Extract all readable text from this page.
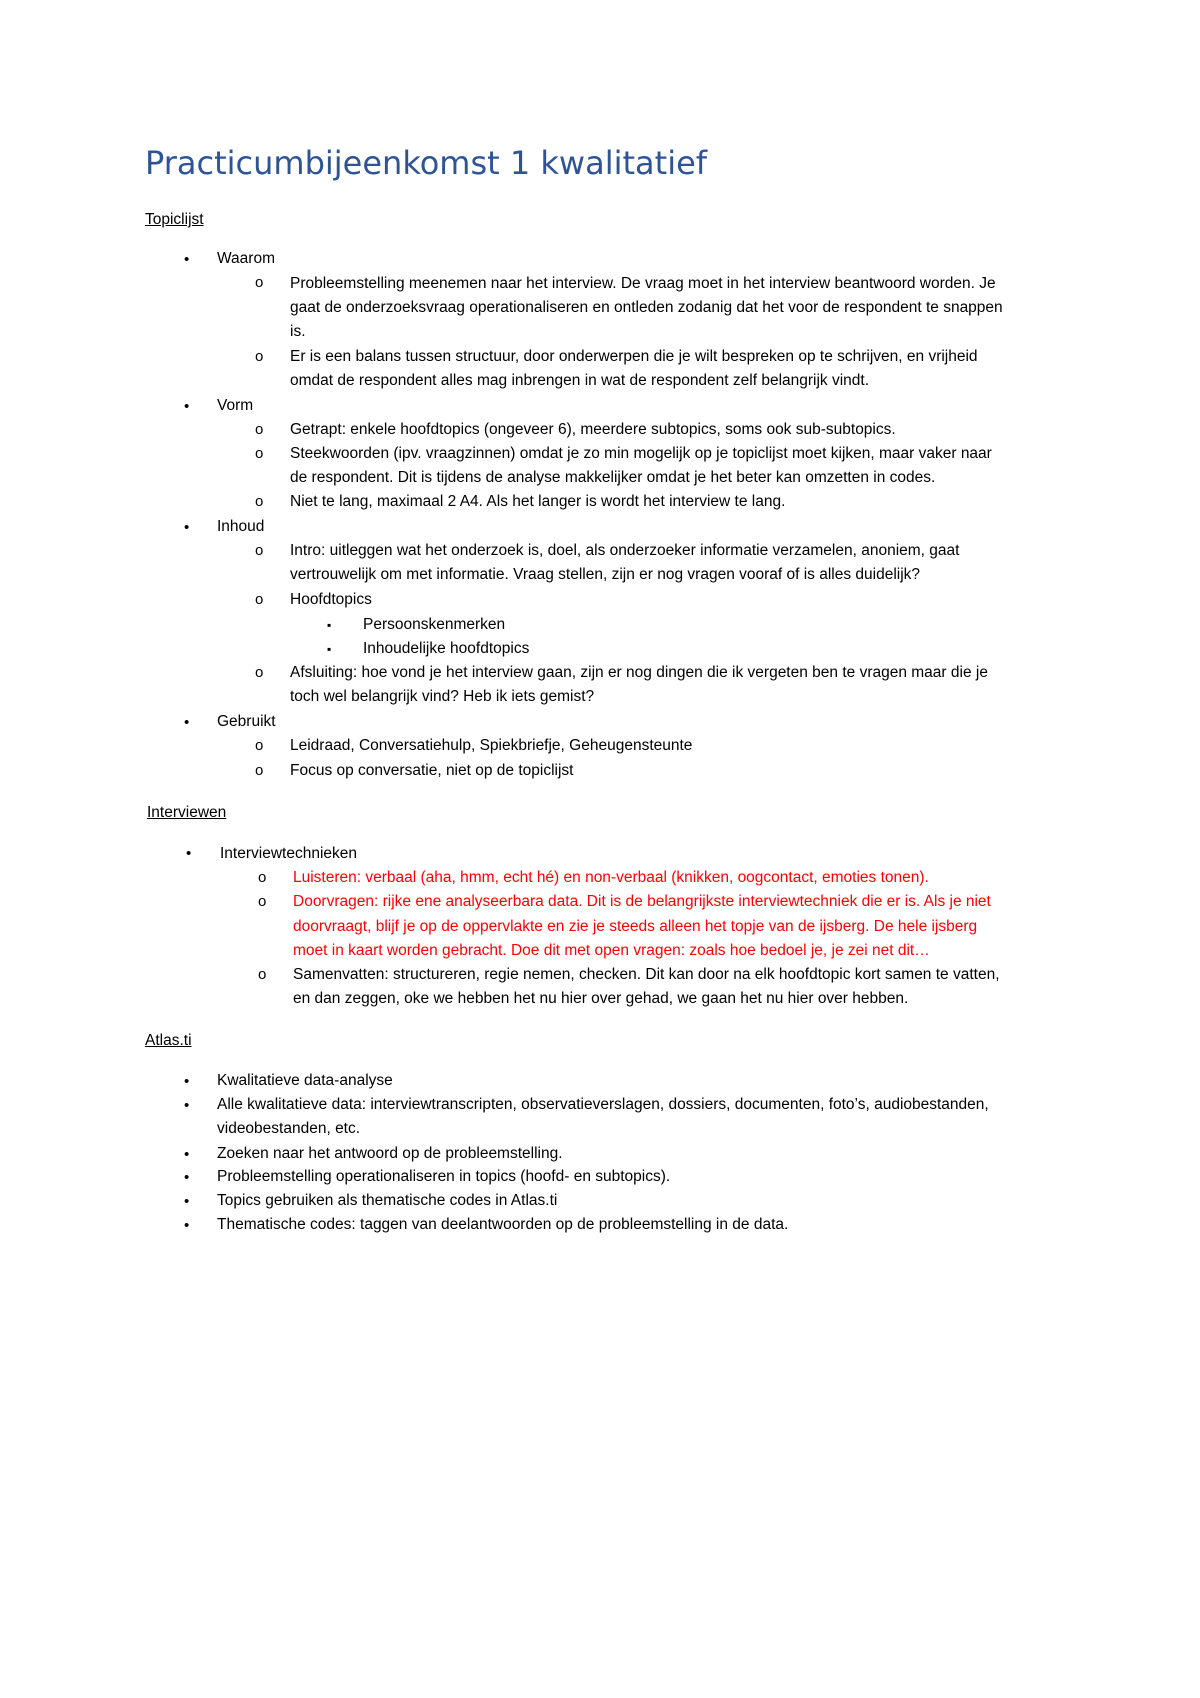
Practicumbijeenkomst 1 kwalitatief
Topiclijst
• Waarom
o Probleemstelling meenemen naar het interview. De vraag moet in het interview beantwoord worden. Je
gaat de onderzoeksvraag operationaliseren en ontleden zodanig dat het voor de respondent te snappen
is.
o Er is een balans tussen structuur, door onderwerpen die je wilt bespreken op te schrijven, en vrijheid
omdat de respondent alles mag inbrengen in wat de respondent zelf belangrijk vindt.
• Vorm
o Getrapt: enkele hoofdtopics (ongeveer 6), meerdere subtopics, soms ook sub-subtopics.
o Steekwoorden (ipv. vraagzinnen) omdat je zo min mogelijk op je topiclijst moet kijken, maar vaker naar
de respondent. Dit is tijdens de analyse makkelijker omdat je het beter kan omzetten in codes.
o Niet te lang, maximaal 2 A4. Als het langer is wordt het interview te lang.
• Inhoud
o Intro: uitleggen wat het onderzoek is, doel, als onderzoeker informatie verzamelen, anoniem, gaat
vertrouwelijk om met informatie. Vraag stellen, zijn er nog vragen vooraf of is alles duidelijk?
o Hoofdtopics
▪ Persoonskenmerken
▪ Inhoudelijke hoofdtopics
o Afsluiting: hoe vond je het interview gaan, zijn er nog dingen die ik vergeten ben te vragen maar die je
toch wel belangrijk vind? Heb ik iets gemist?
• Gebruikt
o Leidraad, Conversatiehulp, Spiekbriefje, Geheugensteunte
o Focus op conversatie, niet op de topiclijst
Interviewen
• Interviewtechnieken
o Luisteren: verbaal (aha, hmm, echt hé) en non-verbaal (knikken, oogcontact, emoties tonen).
o Doorvragen: rijke ene analyseerbara data. Dit is de belangrijkste interviewtechniek die er is. Als je niet
doorvraagt, blijf je op de oppervlakte en zie je steeds alleen het topje van de ijsberg. De hele ijsberg
moet in kaart worden gebracht. Doe dit met open vragen: zoals hoe bedoel je, je zei net dit…
o Samenvatten: structureren, regie nemen, checken. Dit kan door na elk hoofdtopic kort samen te vatten,
en dan zeggen, oke we hebben het nu hier over gehad, we gaan het nu hier over hebben.
Atlas.ti
• Kwalitatieve data-analyse
• Alle kwalitatieve data: interviewtranscripten, observatieverslagen, dossiers, documenten, foto’s, audiobestanden,
videobestanden, etc.
• Zoeken naar het antwoord op de probleemstelling.
• Probleemstelling operationaliseren in topics (hoofd- en subtopics).
• Topics gebruiken als thematische codes in Atlas.ti
• Thematische codes: taggen van deelantwoorden op de probleemstelling in de data.
